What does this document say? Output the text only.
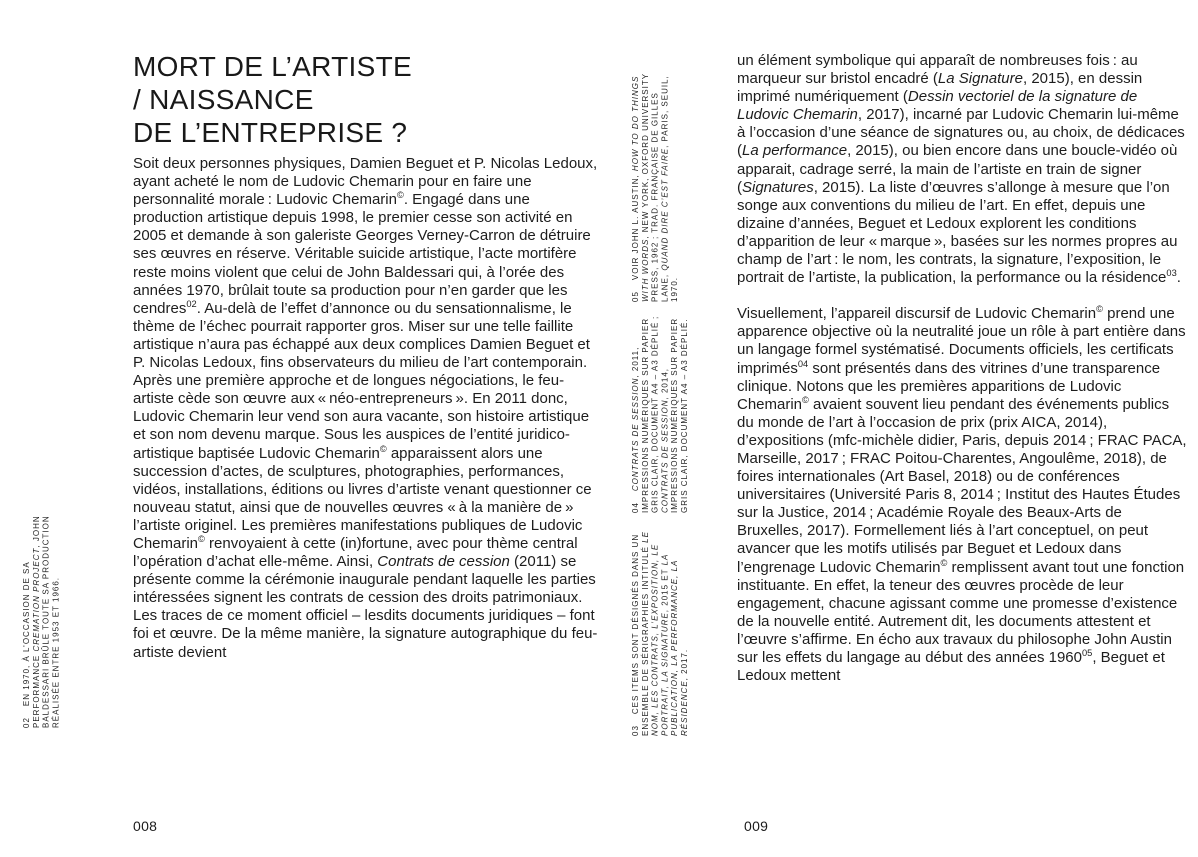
MORT DE L’ARTISTE
/ NAISSANCE
DE L’ENTREPRISE ?

Soit deux personnes physiques, Damien Beguet et P. Nicolas Ledoux, ayant acheté le nom de Ludovic Chemarin pour en faire une personnalité morale : Ludovic Chemarin©. Engagé dans une production artistique depuis 1998, le premier cesse son activité en 2005 et demande à son galeriste Georges Verney-Carron de détruire ses œuvres en réserve. Véritable suicide artistique, l’acte mortifère reste moins violent que celui de John Baldessari qui, à l’orée des années 1970, brûlait toute sa production pour n’en garder que les cendres$^{02}$. Au-delà de l’effet d’annonce ou du sensationnalisme, le thème de l’échec pourrait rapporter gros. Miser sur une telle faillite artistique n’aura pas échappé aux deux complices Damien Beguet et P. Nicolas Ledoux, fins observateurs du milieu de l’art contemporain. Après une première approche et de longues négociations, le feu-artiste cède son œuvre aux « néo-entrepreneurs ». En 2011 donc, Ludovic Chemarin leur vend son aura vacante, son histoire artistique et son nom devenu marque. Sous les auspices de l’entité juridico-artistique baptisée Ludovic Chemarin© apparaissent alors une succession d’actes, de sculptures, photographies, performances, vidéos, installations, éditions ou livres d’artiste venant questionner ce nouveau statut, ainsi que de nouvelles œuvres « à la manière de » l’artiste originel. Les premières manifestations publiques de Ludovic Chemarin© renvoyaient à cette (in)fortune, avec pour thème central l’opération d’achat elle-même. Ainsi, Contrats de cession (2011) se présente comme la cérémonie inaugurale pendant laquelle les parties intéressées signent les contrats de cession des droits patrimoniaux. Les traces de ce moment officiel – lesdits documents juridiques – font foi et œuvre. De la même manière, la signature autographique du feu-artiste devient

02EN 1970, À L’OCCASION DE SA PERFORMANCE CREMATION PROJECT, JOHN BALDESSARI BRÛLE TOUTE SA PRODUCTION RÉALISÉE ENTRE 1953 ET 1966.
008

un élément symbolique qui apparaît de nombreuses fois : au marqueur sur bristol encadré (La Signature, 2015), en dessin imprimé numériquement (Dessin vectoriel de la signature de Ludovic Chemarin, 2017), incarné par Ludovic Chemarin lui-même à l’occasion d’une séance de signatures ou, au choix, de dédicaces (La performance, 2015), ou bien encore dans une boucle-vidéo où apparait, cadrage serré, la main de l’artiste en train de signer (Signatures, 2015). La liste d’œuvres s’allonge à mesure que l’on songe aux conventions du milieu de l’art. En effet, depuis une dizaine d’années, Beguet et Ledoux explorent les conditions d’apparition de leur « marque », basées sur les normes propres au champ de l’art : le nom, les contrats, la signature, l’exposition, le portrait de l’artiste, la publication, la performance ou la résidence$^{03}$.

Visuellement, l’appareil discursif de Ludovic Chemarin© prend une apparence objective où la neutralité joue un rôle à part entière dans un langage formel systématisé. Documents officiels, les certificats imprimés$^{04}$ sont présentés dans des vitrines d’une transparence clinique. Notons que les premières apparitions de Ludovic Chemarin© avaient souvent lieu pendant des événements publics du monde de l’art à l’occasion de prix (prix AICA, 2014), d’expositions (mfc-michèle didier, Paris, depuis 2014 ; FRAC PACA, Marseille, 2017 ; FRAC Poitou-Charentes, Angoulême, 2018), de foires internationales (Art Basel, 2018) ou de conférences universitaires (Université Paris 8, 2014 ; Institut des Hautes Études sur la Justice, 2014 ; Académie Royale des Beaux-Arts de Bruxelles, 2017). Formellement liés à l’art conceptuel, on peut avancer que les motifs utilisés par Beguet et Ledoux dans l’engrenage Ludovic Chemarin© remplissent avant tout une fonction instituante. En effet, la teneur des œuvres procède de leur engagement, chacune agissant comme une promesse d’existence de la nouvelle entité. Autrement dit, les documents attestent et l’œuvre s’affirme. En écho aux travaux du philosophe John Austin sur les effets du langage au début des années 1960$^{05}$, Beguet et Ledoux mettent

05VOIR JOHN L. AUSTIN, HOW TO DO THINGS WITH WORDS, NEW YORK, OXFORD UNIVERSITY PRESS, 1962 ; TRAD. FRANÇAISE DE GILLES LANE, QUAND DIRE C’EST FAIRE, PARIS, SEUIL, 1970.
04CONTRATS DE SESSION, 2011, IMPRESSIONS NUMÉRIQUES SUR PAPIER GRIS CLAIR, DOCUMENT A4 – A3 DÉPLIÉ ; CONTRATS DE SESSION, 2014, IMPRESSIONS NUMÉRIQUES SUR PAPIER GRIS CLAIR, DOCUMENT A4 – A3 DÉPLIÉ.
03CES ITEMS SONT DÉSIGNÉS DANS UN ENSEMBLE DE SÉRIGRAPHIES INTITULÉ LE NOM, LES CONTRATS, L’EXPOSITION, LE PORTRAIT, LA SIGNATURE, 2015 ET LA PUBLICATION, LA PERFORMANCE, LA RÉSIDENCE, 2017.
009
